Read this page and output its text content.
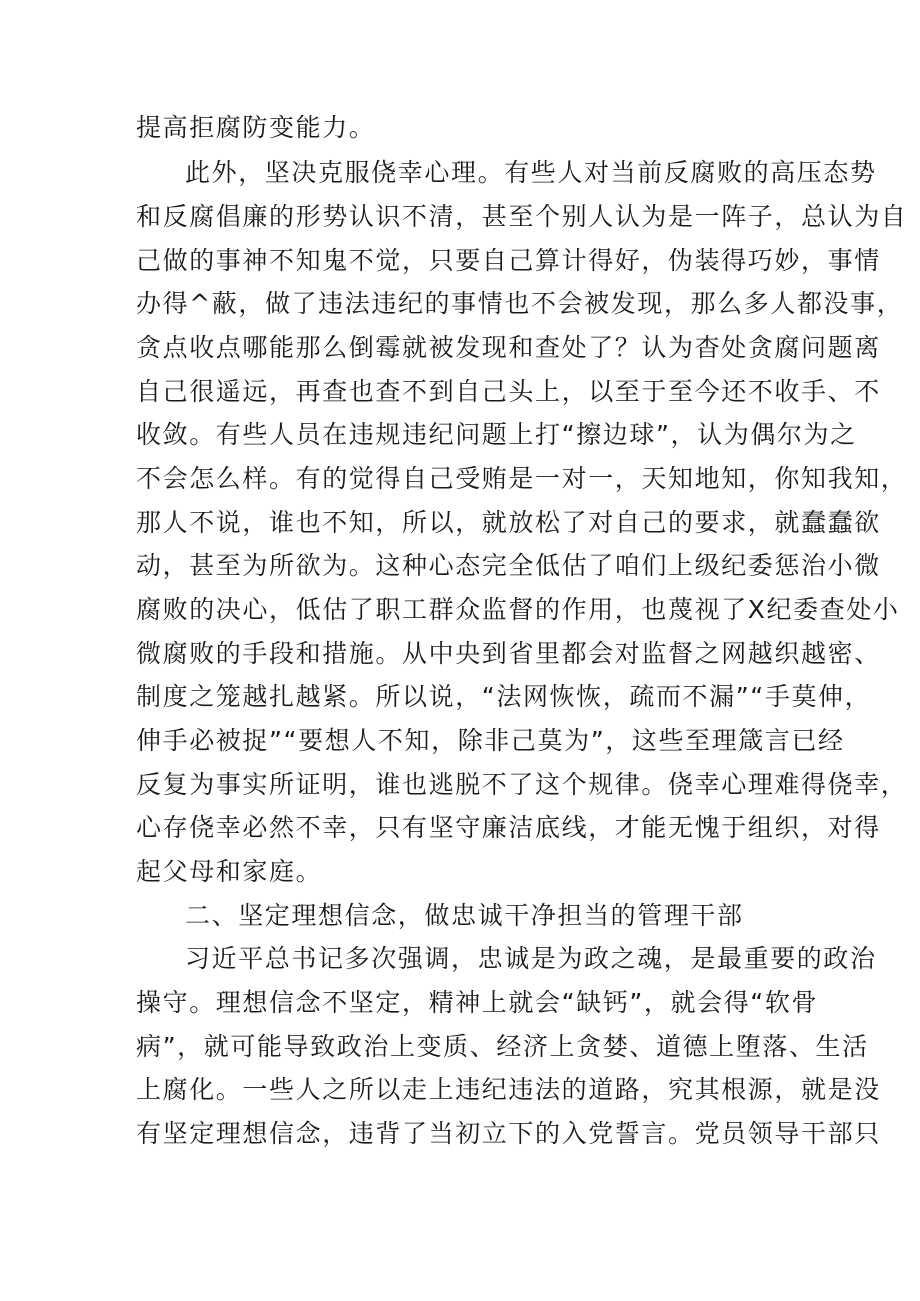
提高拒腐防变能力。
此外，坚决克服侥幸心理。有些人对当前反腐败的高压态势
和反腐倡廉的形势认识不清，甚至个别人认为是一阵子，总认为自
己做的事神不知鬼不觉，只要自己算计得好，伪装得巧妙，事情
办得^蔽，做了违法违纪的事情也不会被发现，那么多人都没事，
贪点收点哪能那么倒霉就被发现和查处了？认为杳处贪腐问题离
自己很遥远，再查也查不到自己头上，以至于至今还不收手、不
收敛。有些人员在违规违纪问题上打“擦边球”，认为偶尔为之
不会怎么样。有的觉得自己受贿是一对一，天知地知，你知我知，
那人不说，谁也不知，所以，就放松了对自己的要求，就蠢蠢欲
动，甚至为所欲为。这种心态完全低估了咱们上级纪委惩治小微
腐败的决心，低估了职工群众监督的作用，也蔑视了X纪委查处小
微腐败的手段和措施。从中央到省里都会对监督之网越织越密、
制度之笼越扎越紧。所以说，“法网恢恢，疏而不漏”“手莫伸，
伸手必被捉”“要想人不知，除非己莫为”，这些至理箴言已经
反复为事实所证明，谁也逃脱不了这个规律。侥幸心理难得侥幸，
心存侥幸必然不幸，只有坚守廉洁底线，才能无愧于组织，对得
起父母和家庭。
二、坚定理想信念，做忠诚干净担当的管理干部
习近平总书记多次强调，忠诚是为政之魂，是最重要的政治
操守。理想信念不坚定，精神上就会“缺钙”，就会得“软骨
病”，就可能导致政治上变质、经济上贪婪、道德上堕落、生活
上腐化。一些人之所以走上违纪违法的道路，究其根源，就是没
有坚定理想信念，违背了当初立下的入党誓言。党员领导干部只
